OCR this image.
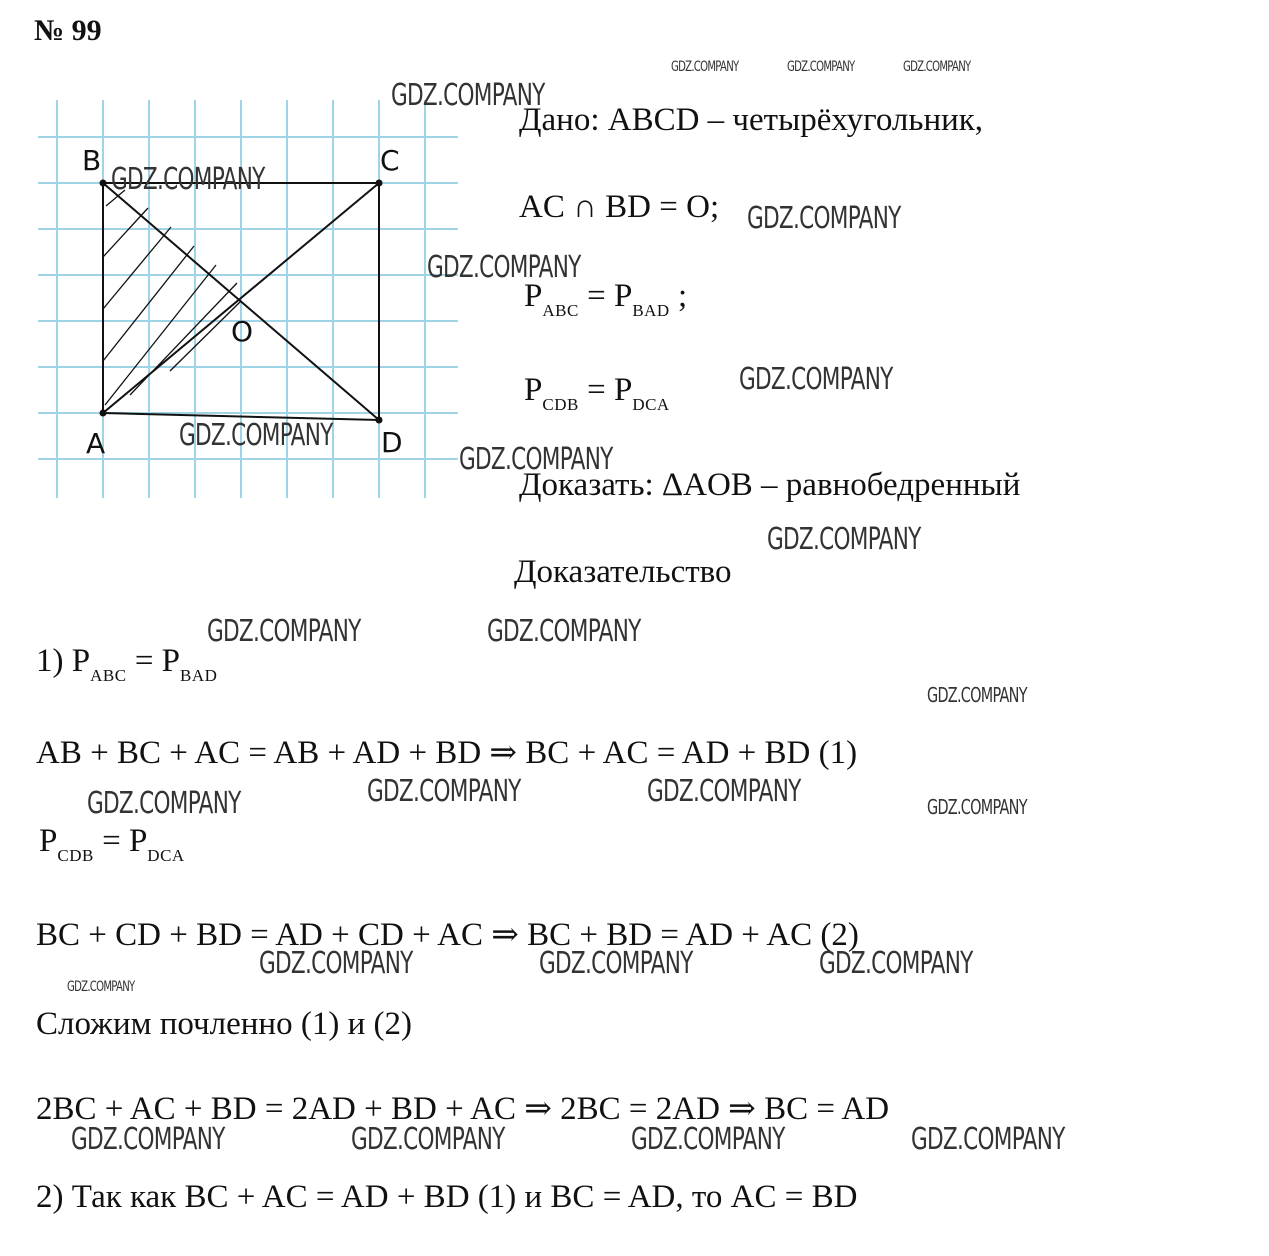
№ 99
B	C
O
A	D
Дано: ABCD – четырёхугольник,
AC ∩ BD = O;
$P_{ABC} = P_{BAD}$ ;
$P_{CDB} = P_{DCA}$
Доказать: ΔAOB – равнобедренный
Доказательство
1) $P_{ABC} = P_{BAD}$
AB + BC + AC = AB + AD + BD ⇒ BC + AC = AD + BD (1)
$P_{CDB} = P_{DCA}$
BC + CD + BD = AD + CD + AC ⇒ BC + BD = AD + AC (2)
Сложим почленно (1) и (2)
2BC + AC + BD = 2AD + BD + AC ⇒ 2BC = 2AD ⇒ BC = AD
2) Так как BC + AC = AD + BD (1) и BC = AD, то AC = BD
GDZ.COMPANY	GDZ.COMPANY	GDZ.COMPANY
GDZ.COMPANY
GDZ.COMPANY
GDZ.COMPANY
GDZ.COMPANY
GDZ.COMPANY
GDZ.COMPANY
GDZ.COMPANY
GDZ.COMPANY
GDZ.COMPANY	GDZ.COMPANY
GDZ.COMPANY
GDZ.COMPANY	GDZ.COMPANY
GDZ.COMPANY	GDZ.COMPANY
GDZ.COMPANY	GDZ.COMPANY	GDZ.COMPANY
GDZ.COMPANY
GDZ.COMPANY	GDZ.COMPANY	GDZ.COMPANY	GDZ.COMPANY
